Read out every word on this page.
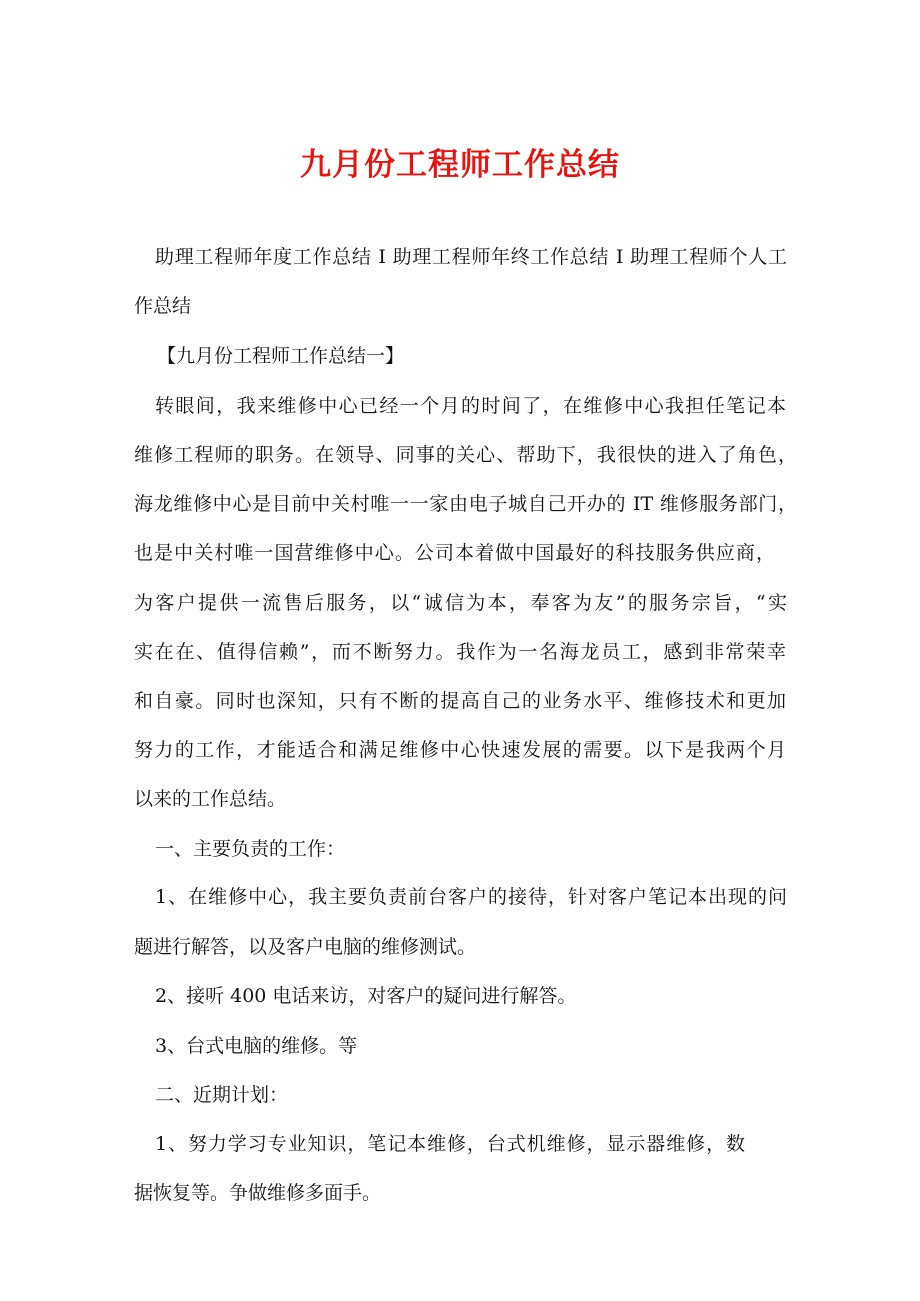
九月份工程师工作总结
助理工程师年度工作总结 I 助理工程师年终工作总结 I 助理工程师个人工
作总结
【九月份工程师工作总结一】
转眼间，我来维修中心已经一个月的时间了，在维修中心我担任笔记本
维修工程师的职务。在领导、同事的关心、帮助下，我很快的进入了角色，
海龙维修中心是目前中关村唯一一家由电子城自己开办的 IT 维修服务部门，
也是中关村唯一国营维修中心。公司本着做中国最好的科技服务供应商，
为客户提供一流售后服务，以“诚信为本，奉客为友”的服务宗旨，“实
实在在、值得信赖”，而不断努力。我作为一名海龙员工，感到非常荣幸
和自豪。同时也深知，只有不断的提高自己的业务水平、维修技术和更加
努力的工作，才能适合和满足维修中心快速发展的需要。以下是我两个月
以来的工作总结。
一、主要负责的工作：
1、在维修中心，我主要负责前台客户的接待，针对客户笔记本出现的问
题进行解答，以及客户电脑的维修测试。
2、接听 400 电话来访，对客户的疑问进行解答。
3、台式电脑的维修。等
二、近期计划：
1、努力学习专业知识，笔记本维修，台式机维修，显示器维修，数
据恢复等。争做维修多面手。
